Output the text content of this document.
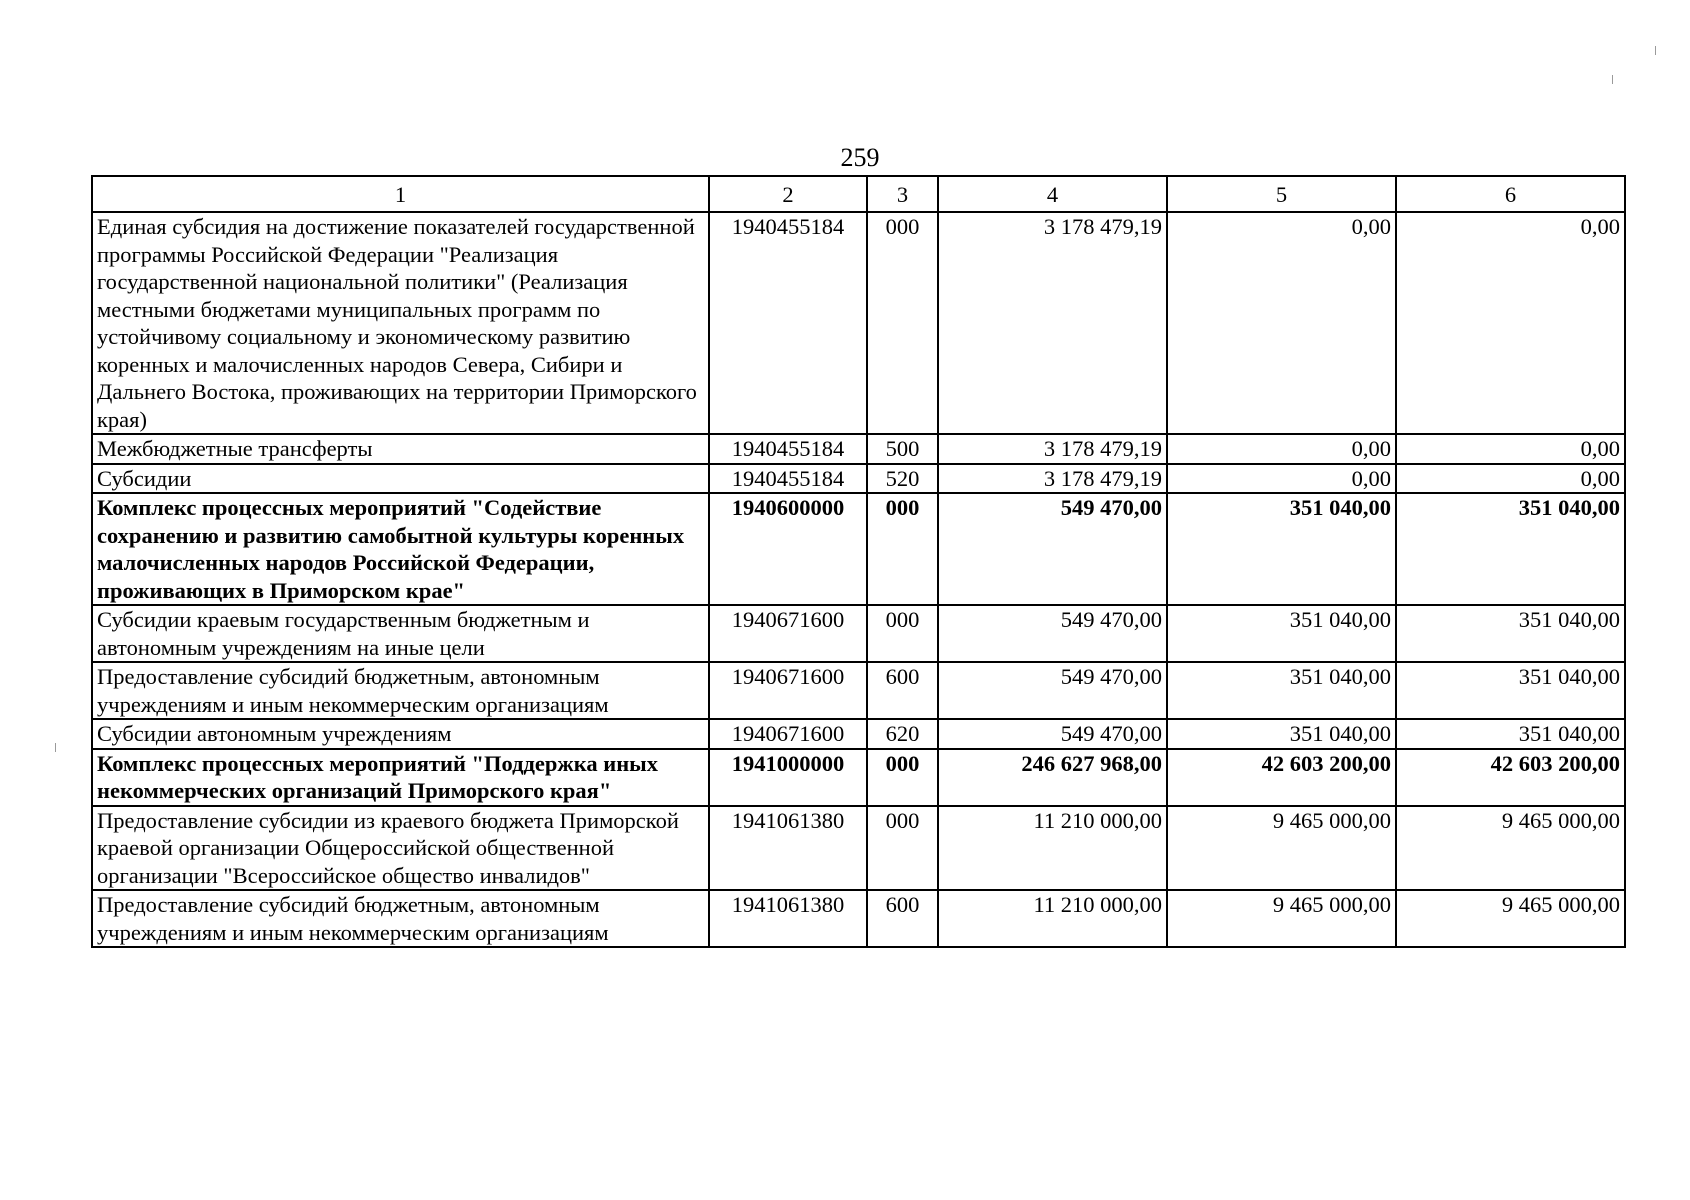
259
1	2	3	4	5	6
Единая субсидия на достижение показателей государственной программы Российской Федерации "Реализация государственной национальной политики" (Реализация местными бюджетами муниципальных программ по устойчивому социальному и экономическому развитию коренных и малочисленных народов Севера, Сибири и Дальнего Востока, проживающих на территории Приморского края)	1940455184	000	3 178 479,19	0,00	0,00
Межбюджетные трансферты	1940455184	500	3 178 479,19	0,00	0,00
Субсидии	1940455184	520	3 178 479,19	0,00	0,00
Комплекс процессных мероприятий "Содействие сохранению и развитию самобытной культуры коренных малочисленных народов Российской Федерации, проживающих в Приморском крае"	1940600000	000	549 470,00	351 040,00	351 040,00
Субсидии краевым государственным бюджетным и автономным учреждениям на иные цели	1940671600	000	549 470,00	351 040,00	351 040,00
Предоставление субсидий бюджетным, автономным учреждениям и иным некоммерческим организациям	1940671600	600	549 470,00	351 040,00	351 040,00
Субсидии автономным учреждениям	1940671600	620	549 470,00	351 040,00	351 040,00
Комплекс процессных мероприятий "Поддержка иных некоммерческих организаций Приморского края"	1941000000	000	246 627 968,00	42 603 200,00	42 603 200,00
Предоставление субсидии из краевого бюджета Приморской краевой организации Общероссийской общественной организации "Всероссийское общество инвалидов"	1941061380	000	11 210 000,00	9 465 000,00	9 465 000,00
Предоставление субсидий бюджетным, автономным учреждениям и иным некоммерческим организациям	1941061380	600	11 210 000,00	9 465 000,00	9 465 000,00
